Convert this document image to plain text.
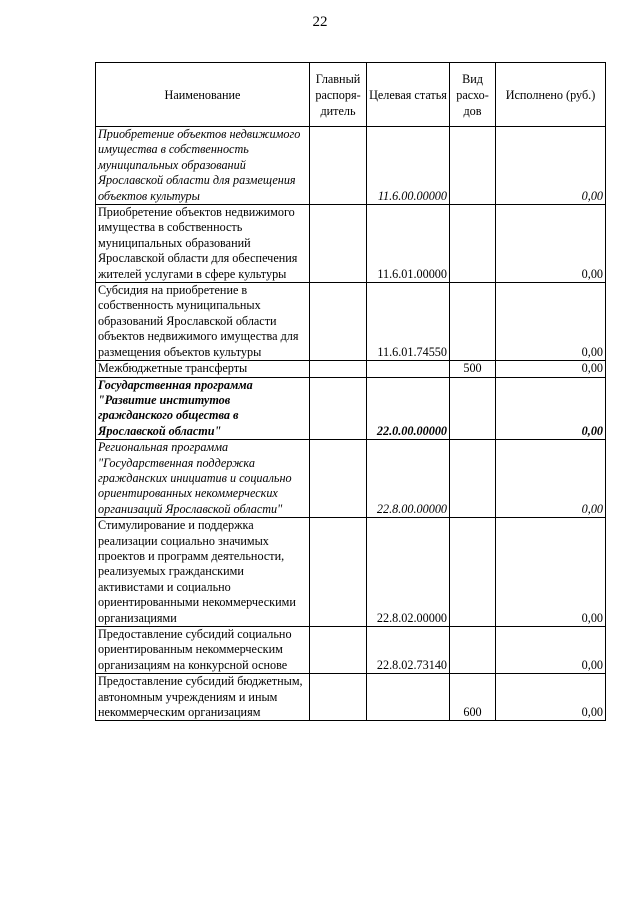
22
Наименование	Главный распоря-дитель	Целевая статья	Вид расхо-дов	Исполнено (руб.)
Приобретение объектов недвижимого имущества в собственность муниципальных образований Ярославской области для размещения объектов культуры		11.6.00.00000		0,00
Приобретение объектов недвижимого имущества в собственность муниципальных образований Ярославской области для обеспечения жителей услугами в сфере культуры		11.6.01.00000		0,00
Субсидия на приобретение в собственность муниципальных образований Ярославской области объектов недвижимого имущества для размещения объектов культуры		11.6.01.74550		0,00
Межбюджетные трансферты			500	0,00
Государственная программа "Развитие институтов гражданского общества в Ярославской области"		22.0.00.00000		0,00
Региональная программа "Государственная поддержка гражданских инициатив и социально ориентированных некоммерческих организаций Ярославской области"		22.8.00.00000		0,00
Стимулирование и поддержка реализации социально значимых проектов и программ деятельности, реализуемых гражданскими активистами и социально ориентированными некоммерческими организациями		22.8.02.00000		0,00
Предоставление субсидий социально ориентированным некоммерческим организациям на конкурсной основе		22.8.02.73140		0,00
Предоставление субсидий бюджетным, автономным учреждениям и иным некоммерческим организациям			600	0,00
